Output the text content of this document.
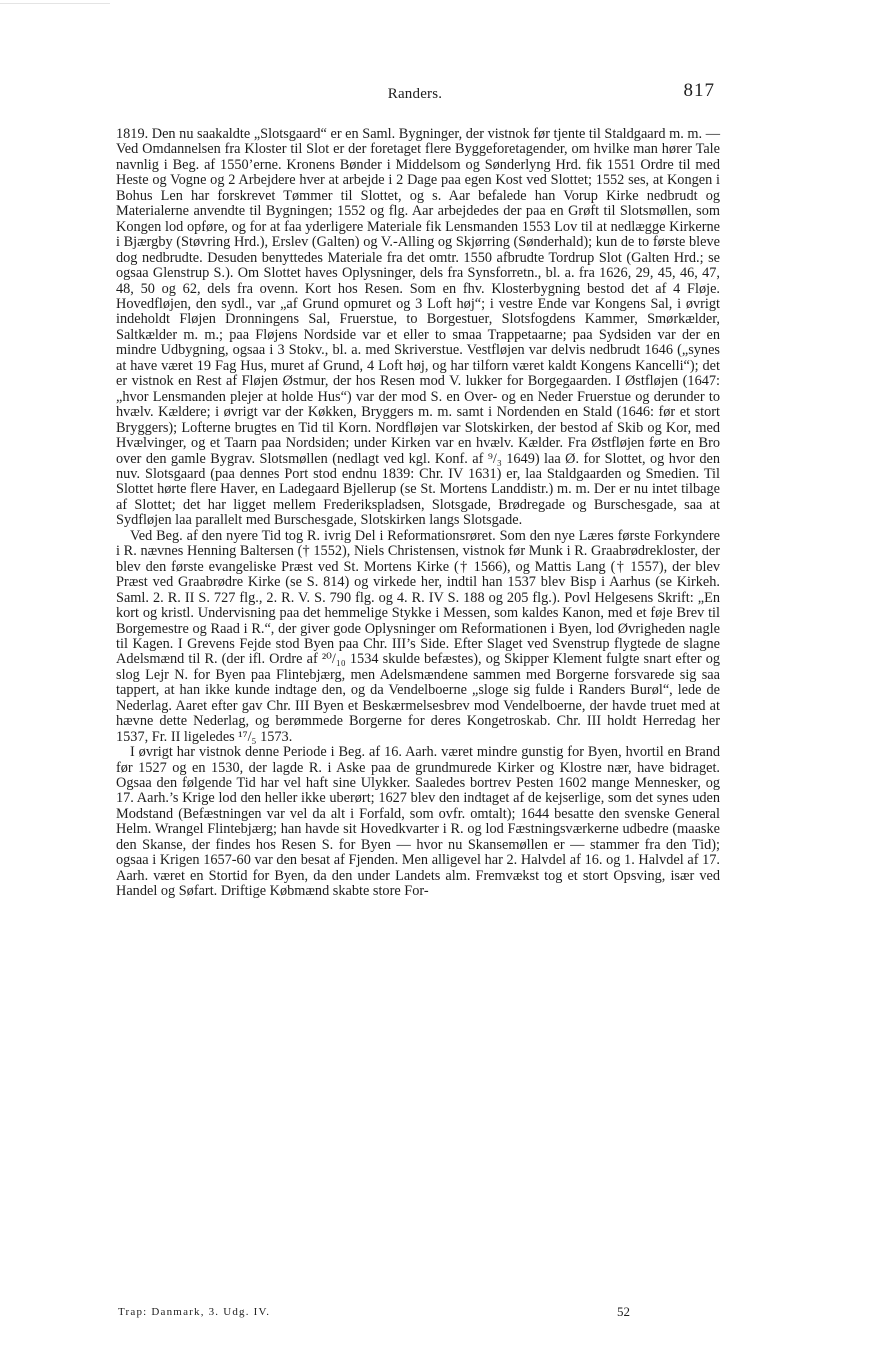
Randers.	817

1819. Den nu saakaldte „Slotsgaard“ er en Saml. Bygninger, der vistnok før tjente til Staldgaard m. m. — Ved Omdannelsen fra Kloster til Slot er der foretaget flere Byggeforetagender, om hvilke man hører Tale navnlig i Beg. af 1550’erne. Kronens Bønder i Middelsom og Sønderlyng Hrd. fik 1551 Ordre til med Heste og Vogne og 2 Arbejdere hver at arbejde i 2 Dage paa egen Kost ved Slottet; 1552 ses, at Kongen i Bohus Len har forskrevet Tømmer til Slottet, og s. Aar befalede han Vorup Kirke nedbrudt og Materialerne anvendte til Bygningen; 1552 og flg. Aar arbejdedes der paa en Grøft til Slotsmøllen, som Kongen lod opføre, og for at faa yderligere Materiale fik Lensmanden 1553 Lov til at nedlægge Kirkerne i Bjærgby (Støvring Hrd.), Erslev (Galten) og V.-Alling og Skjørring (Sønderhald); kun de to første bleve dog nedbrudte. Desuden benyttedes Materiale fra det omtr. 1550 afbrudte Tordrup Slot (Galten Hrd.; se ogsaa Glenstrup S.). Om Slottet haves Oplysninger, dels fra Synsforretn., bl. a. fra 1626, 29, 45, 46, 47, 48, 50 og 62, dels fra ovenn. Kort hos Resen. Som en fhv. Klosterbygning bestod det af 4 Fløje. Hovedfløjen, den sydl., var „af Grund opmuret og 3 Loft høj“; i vestre Ende var Kongens Sal, i øvrigt indeholdt Fløjen Dronningens Sal, Fruerstue, to Borgestuer, Slotsfogdens Kammer, Smørkælder, Saltkælder m. m.; paa Fløjens Nordside var et eller to smaa Trappetaarne; paa Sydsiden var der en mindre Udbygning, ogsaa i 3 Stokv., bl. a. med Skriverstue. Vestfløjen var delvis nedbrudt 1646 („synes at have været 19 Fag Hus, muret af Grund, 4 Loft høj, og har tilforn været kaldt Kongens Kancelli“); det er vistnok en Rest af Fløjen Østmur, der hos Resen mod V. lukker for Borgegaarden. I Østfløjen (1647: „hvor Lensmanden plejer at holde Hus“) var der mod S. en Over- og en Neder Fruerstue og derunder to hvælv. Kældere; i øvrigt var der Køkken, Bryggers m. m. samt i Nordenden en Stald (1646: før et stort Bryggers); Lofterne brugtes en Tid til Korn. Nordfløjen var Slotskirken, der bestod af Skib og Kor, med Hvælvinger, og et Taarn paa Nordsiden; under Kirken var en hvælv. Kælder. Fra Østfløjen førte en Bro over den gamle Bygrav. Slotsmøllen (nedlagt ved kgl. Konf. af ⁹/₃ 1649) laa Ø. for Slottet, og hvor den nuv. Slotsgaard (paa dennes Port stod endnu 1839: Chr. IV 1631) er, laa Staldgaarden og Smedien. Til Slottet hørte flere Haver, en Ladegaard Bjellerup (se St. Mortens Landdistr.) m. m. Der er nu intet tilbage af Slottet; det har ligget mellem Frederikspladsen, Slotsgade, Brødregade og Burschesgade, saa at Sydfløjen laa parallelt med Burschesgade, Slotskirken langs Slotsgade.

Ved Beg. af den nyere Tid tog R. ivrig Del i Reformationsrøret. Som den nye Læres første Forkyndere i R. nævnes Henning Baltersen († 1552), Niels Christensen, vistnok før Munk i R. Graabrødrekloster, der blev den første evangeliske Præst ved St. Mortens Kirke († 1566), og Mattis Lang († 1557), der blev Præst ved Graabrødre Kirke (se S. 814) og virkede her, indtil han 1537 blev Bisp i Aarhus (se Kirkeh. Saml. 2. R. II S. 727 flg., 2. R. V. S. 790 flg. og 4. R. IV S. 188 og 205 flg.). Povl Helgesens Skrift: „En kort og kristl. Undervisning paa det hemmelige Stykke i Messen, som kaldes Kanon, med et føje Brev til Borgemestre og Raad i R.“, der giver gode Oplysninger om Reformationen i Byen, lod Øvrigheden nagle til Kagen. I Grevens Fejde stod Byen paa Chr. III’s Side. Efter Slaget ved Svenstrup flygtede de slagne Adelsmænd til R. (der ifl. Ordre af ²⁰/₁₀ 1534 skulde befæstes), og Skipper Klement fulgte snart efter og slog Lejr N. for Byen paa Flintebjærg, men Adelsmændene sammen med Borgerne forsvarede sig saa tappert, at han ikke kunde indtage den, og da Vendelboerne „sloge sig fulde i Randers Burøl“, lede de Nederlag. Aaret efter gav Chr. III Byen et Beskærmelsesbrev mod Vendelboerne, der havde truet med at hævne dette Nederlag, og berømmede Borgerne for deres Kongetroskab. Chr. III holdt Herredag her 1537, Fr. II ligeledes ¹⁷/₅ 1573.

I øvrigt har vistnok denne Periode i Beg. af 16. Aarh. været mindre gunstig for Byen, hvortil en Brand før 1527 og en 1530, der lagde R. i Aske paa de grundmurede Kirker og Klostre nær, have bidraget. Ogsaa den følgende Tid har vel haft sine Ulykker. Saaledes bortrev Pesten 1602 mange Mennesker, og 17. Aarh.’s Krige lod den heller ikke uberørt; 1627 blev den indtaget af de kejserlige, som det synes uden Modstand (Befæstningen var vel da alt i Forfald, som ovfr. omtalt); 1644 besatte den svenske General Helm. Wrangel Flintebjærg; han havde sit Hovedkvarter i R. og lod Fæstningsværkerne udbedre (maaske den Skanse, der findes hos Resen S. for Byen — hvor nu Skansemøllen er — stammer fra den Tid); ogsaa i Krigen 1657-60 var den besat af Fjenden. Men alligevel har 2. Halvdel af 16. og 1. Halvdel af 17. Aarh. været en Stortid for Byen, da den under Landets alm. Fremvækst tog et stort Opsving, især ved Handel og Søfart. Driftige Købmænd skabte store For-

Trap: Danmark, 3. Udg. IV.	52
